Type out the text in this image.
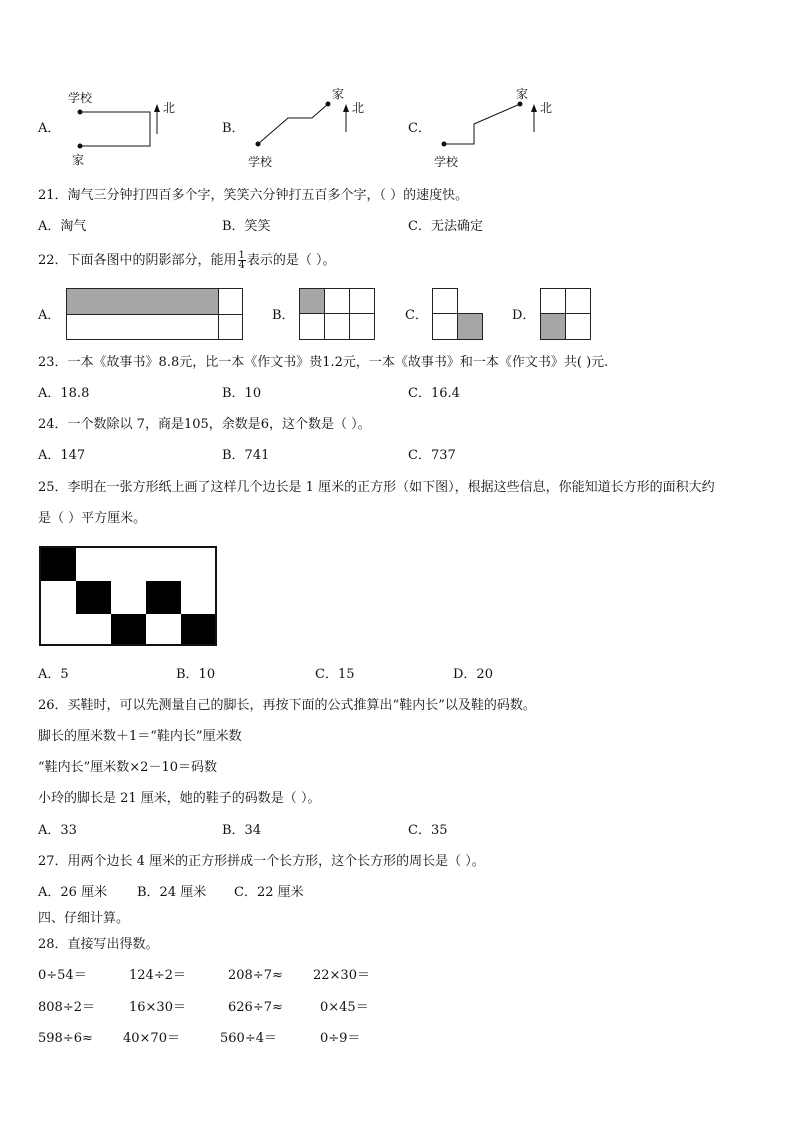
A．
学校
家
北
B．
家
学校
北
C．
家
学校
北
21．淘气三分钟打四百多个字，笑笑六分钟打五百多个字，（ ）的速度快。
A．淘气	B．笑笑	C．无法确定
22．下面各图中的阴影部分，能用 $\frac{1}{4}$ 表示的是（ ）。
A．	B．	C．	D．
23．一本《故事书》8.8元，比一本《作文书》贵1.2元，一本《故事书》和一本《作文书》共( )元.
A．18.8	B．10	C．16.4
24．一个数除以 7，商是105，余数是6，这个数是（ ）。
A．147	B．741	C．737
25．李明在一张方形纸上画了这样几个边长是 1 厘米的正方形（如下图），根据这些信息，你能知道长方形的面积大约
是（ ）平方厘米。
A．5	B．10	C．15	D．20
26．买鞋时，可以先测量自己的脚长，再按下面的公式推算出“鞋内长”以及鞋的码数。
脚长的厘米数＋1＝“鞋内长”厘米数
“鞋内长”厘米数×2－10＝码数
小玲的脚长是 21 厘米，她的鞋子的码数是（ ）。
A．33	B．34	C．35
27．用两个边长 4 厘米的正方形拼成一个长方形，这个长方形的周长是（ ）。
A．26 厘米 B．24 厘米 C．22 厘米
四、仔细计算。
28．直接写出得数。
0÷54＝	124÷2＝	208÷7≈ 22×30＝
808÷2＝	16×30＝	626÷7≈	0×45＝
598÷6≈ 40×70＝	560÷4＝	0÷9＝
